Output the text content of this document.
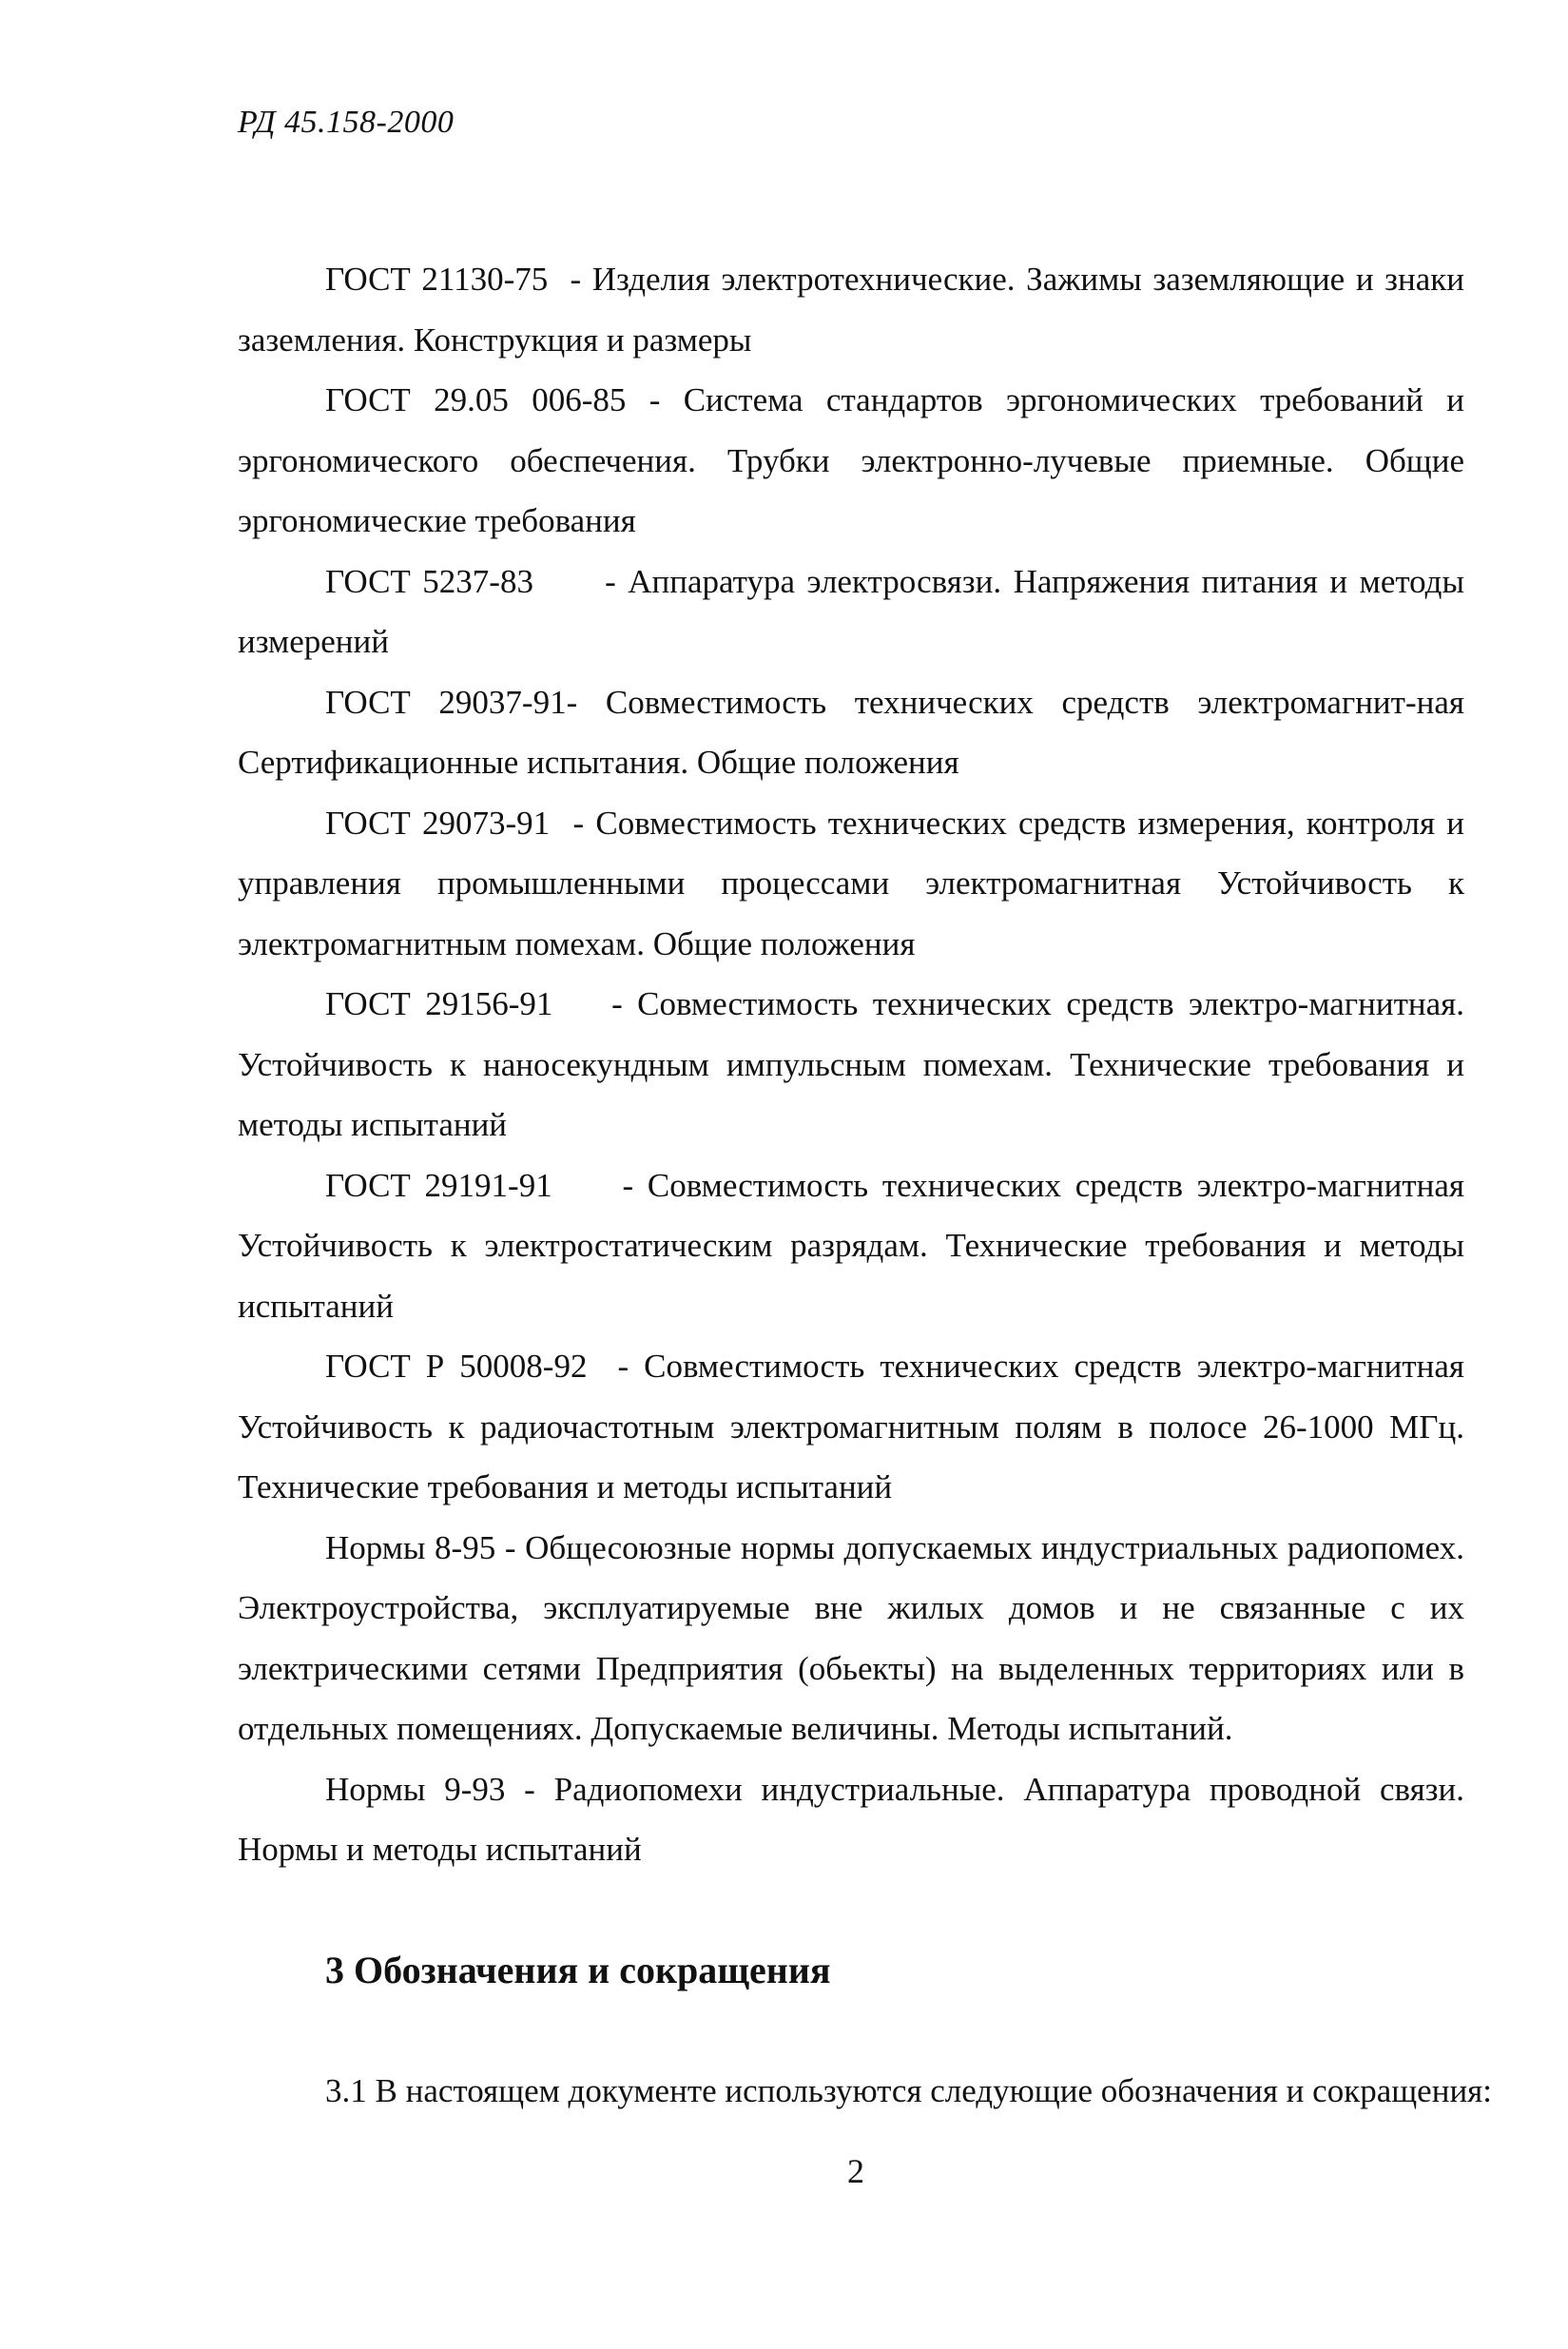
РД 45.158-2000

ГОСТ 21130-75  - Изделия электротехнические. Зажимы заземляющие и знаки заземления. Конструкция и размеры

ГОСТ 29.05 006-85 - Система стандартов эргономических требований и эргономического обеспечения. Трубки электронно-лучевые приемные. Общие эргономические требования

ГОСТ 5237-83      - Аппаратура электросвязи. Напряжения питания и методы измерений

ГОСТ 29037-91- Совместимость технических средств электромагнит-ная Сертификационные испытания. Общие положения

ГОСТ 29073-91  - Совместимость технических средств измерения, контроля и управления промышленными процессами электромагнитная Устойчивость к электромагнитным помехам. Общие положения

ГОСТ 29156-91    - Совместимость технических средств электро-магнитная. Устойчивость к наносекундным импульсным помехам. Технические требования и методы испытаний

ГОСТ 29191-91     - Совместимость технических средств электро-магнитная Устойчивость к электростатическим разрядам. Технические требования и методы испытаний

ГОСТ Р 50008-92  - Совместимость технических средств электро-магнитная Устойчивость к радиочастотным электромагнитным полям в полосе 26-1000 МГц. Технические требования и методы испытаний

Нормы 8-95 - Общесоюзные нормы допускаемых индустриальных радиопомех. Электроустройства, эксплуатируемые вне жилых домов и не связанные с их электрическими сетями Предприятия (обьекты) на выделенных территориях или в отдельных помещениях. Допускаемые величины. Методы испытаний.

Нормы 9-93 - Радиопомехи индустриальные. Аппаратура проводной связи. Нормы и методы испытаний

3 Обозначения и сокращения

3.1 В настоящем документе используются следующие обозначения и сокращения:

2
